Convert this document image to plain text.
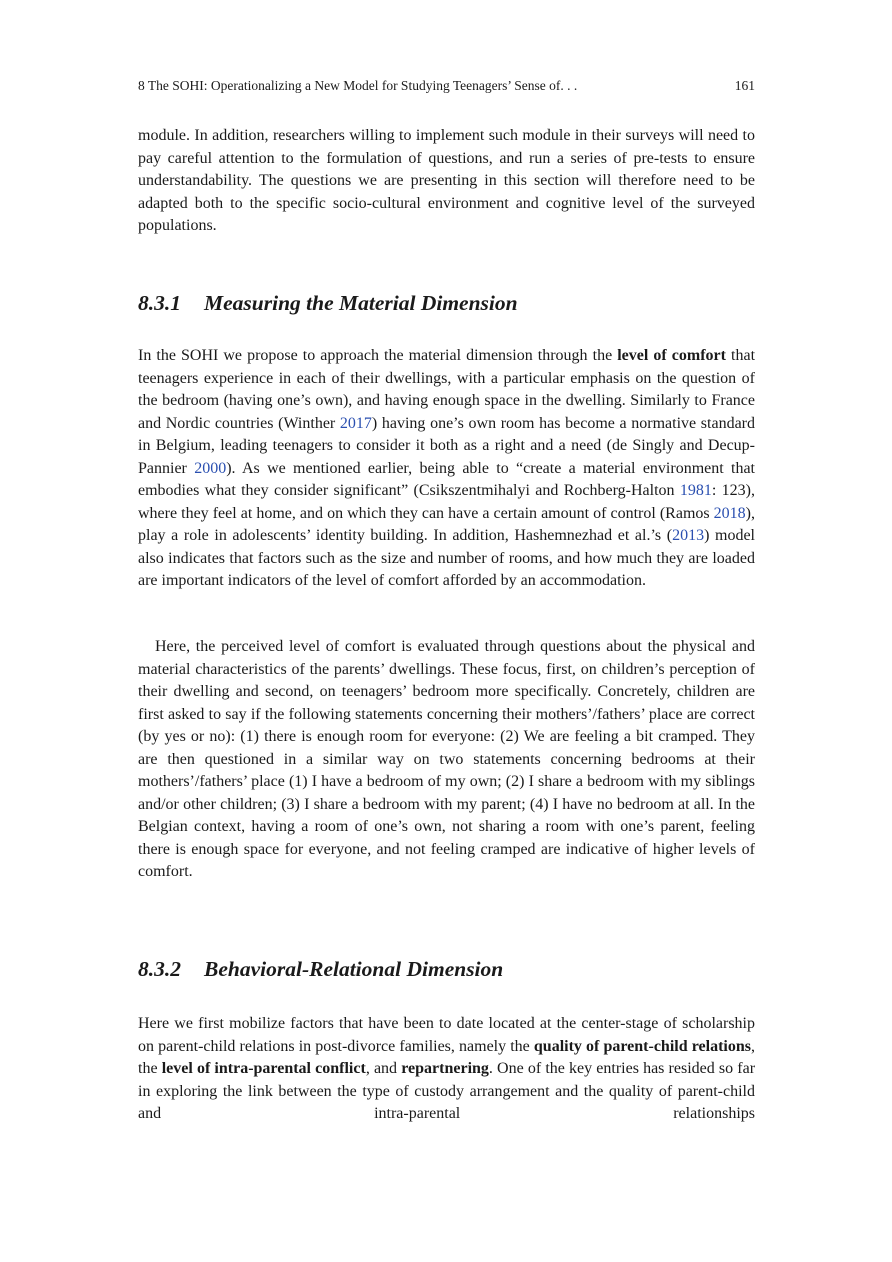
8 The SOHI: Operationalizing a New Model for Studying Teenagers’ Sense of. . .	161

module. In addition, researchers willing to implement such module in their surveys will need to pay careful attention to the formulation of questions, and run a series of pre-tests to ensure understandability. The questions we are presenting in this section will therefore need to be adapted both to the specific socio-cultural environment and cognitive level of the surveyed populations.

8.3.1 Measuring the Material Dimension

In the SOHI we propose to approach the material dimension through the level of comfort that teenagers experience in each of their dwellings, with a particular emphasis on the question of the bedroom (having one’s own), and having enough space in the dwelling. Similarly to France and Nordic countries (Winther 2017) having one’s own room has become a normative standard in Belgium, leading teenagers to consider it both as a right and a need (de Singly and Decup-Pannier 2000). As we mentioned earlier, being able to “create a material environment that embodies what they consider significant” (Csikszentmihalyi and Rochberg-Halton 1981: 123), where they feel at home, and on which they can have a certain amount of control (Ramos 2018), play a role in adolescents’ identity building. In addition, Hashemnezhad et al.’s (2013) model also indicates that factors such as the size and number of rooms, and how much they are loaded are important indicators of the level of comfort afforded by an accommodation.

Here, the perceived level of comfort is evaluated through questions about the physical and material characteristics of the parents’ dwellings. These focus, first, on children’s perception of their dwelling and second, on teenagers’ bedroom more specifically. Concretely, children are first asked to say if the following statements concerning their mothers’/fathers’ place are correct (by yes or no): (1) there is enough room for everyone: (2) We are feeling a bit cramped. They are then questioned in a similar way on two statements concerning bedrooms at their mothers’/fathers’ place (1) I have a bedroom of my own; (2) I share a bedroom with my siblings and/or other children; (3) I share a bedroom with my parent; (4) I have no bedroom at all. In the Belgian context, having a room of one’s own, not sharing a room with one’s parent, feeling there is enough space for everyone, and not feeling cramped are indicative of higher levels of comfort.

8.3.2 Behavioral-Relational Dimension

Here we first mobilize factors that have been to date located at the center-stage of scholarship on parent-child relations in post-divorce families, namely the quality of parent-child relations, the level of intra-parental conflict, and repartnering. One of the key entries has resided so far in exploring the link between the type of custody arrangement and the quality of parent-child and intra-parental relationships
